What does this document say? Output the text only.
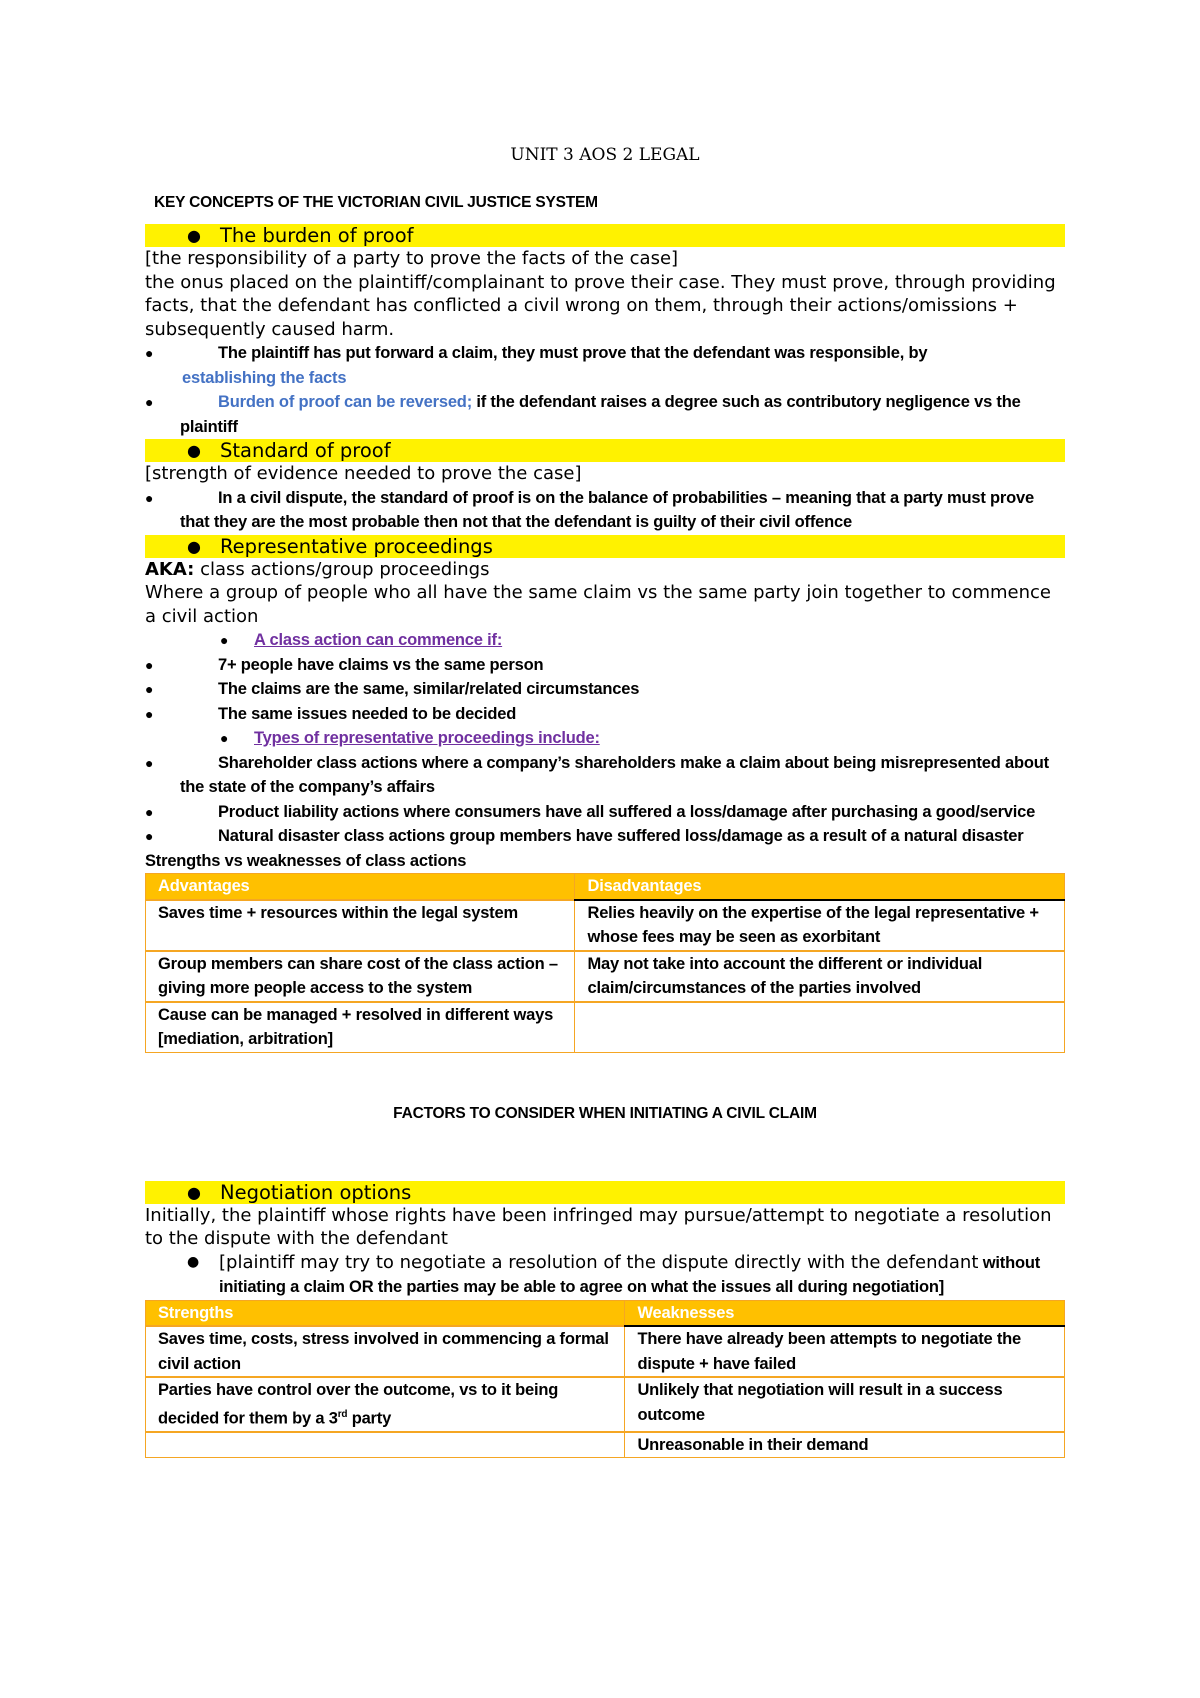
UNIT 3 AOS 2 LEGAL

KEY CONCEPTS OF THE VICTORIAN CIVIL JUSTICE SYSTEM

● The burden of proof

[the responsibility of a party to prove the facts of the case]

the onus placed on the plaintiff/complainant to prove their case. They must prove, through providing facts, that the defendant has conflicted a civil wrong on them, through their actions/omissions + subsequently caused harm.

●	The plaintiff has put forward a claim, they must prove that the defendant was responsible, by
establishing the facts
●	Burden of proof can be reversed; if the defendant raises a degree such as contributory negligence vs the plaintiff
● Standard of proof

[strength of evidence needed to prove the case]

●	In a civil dispute, the standard of proof is on the balance of probabilities – meaning that a party must prove that they are the most probable then not that the defendant is guilty of their civil offence
● Representative proceedings

AKA: class actions/group proceedings

Where a group of people who all have the same claim vs the same party join together to commence a civil action

● A class action can commence if:
●	7+ people have claims vs the same person
●	The claims are the same, similar/related circumstances
●	The same issues needed to be decided
● Types of representative proceedings include:
●	Shareholder class actions where a company’s shareholders make a claim about being misrepresented about the state of the company’s affairs
●	Product liability actions where consumers have all suffered a loss/damage after purchasing a good/service
●	Natural disaster class actions group members have suffered loss/damage as a result of a natural disaster
Strengths vs weaknesses of class actions
Advantages	Disadvantages
Saves time + resources within the legal system	Relies heavily on the expertise of the legal representative + whose fees may be seen as exorbitant
Group members can share cost of the class action – giving more people access to the system	May not take into account the different or individual claim/circumstances of the parties involved
Cause can be managed + resolved in different ways [mediation, arbitration]	

FACTORS TO CONSIDER WHEN INITIATING A CIVIL CLAIM

● Negotiation options

Initially, the plaintiff whose rights have been infringed may pursue/attempt to negotiate a resolution to the dispute with the defendant

● [plaintiff may try to negotiate a resolution of the dispute directly with the defendant without initiating a claim OR the parties may be able to agree on what the issues all during negotiation]
Strengths	Weaknesses
Saves time, costs, stress involved in commencing a formal civil action	There have already been attempts to negotiate the dispute + have failed
Parties have control over the outcome, vs to it being decided for them by a 3rd party	Unlikely that negotiation will result in a success outcome
	Unreasonable in their demand
